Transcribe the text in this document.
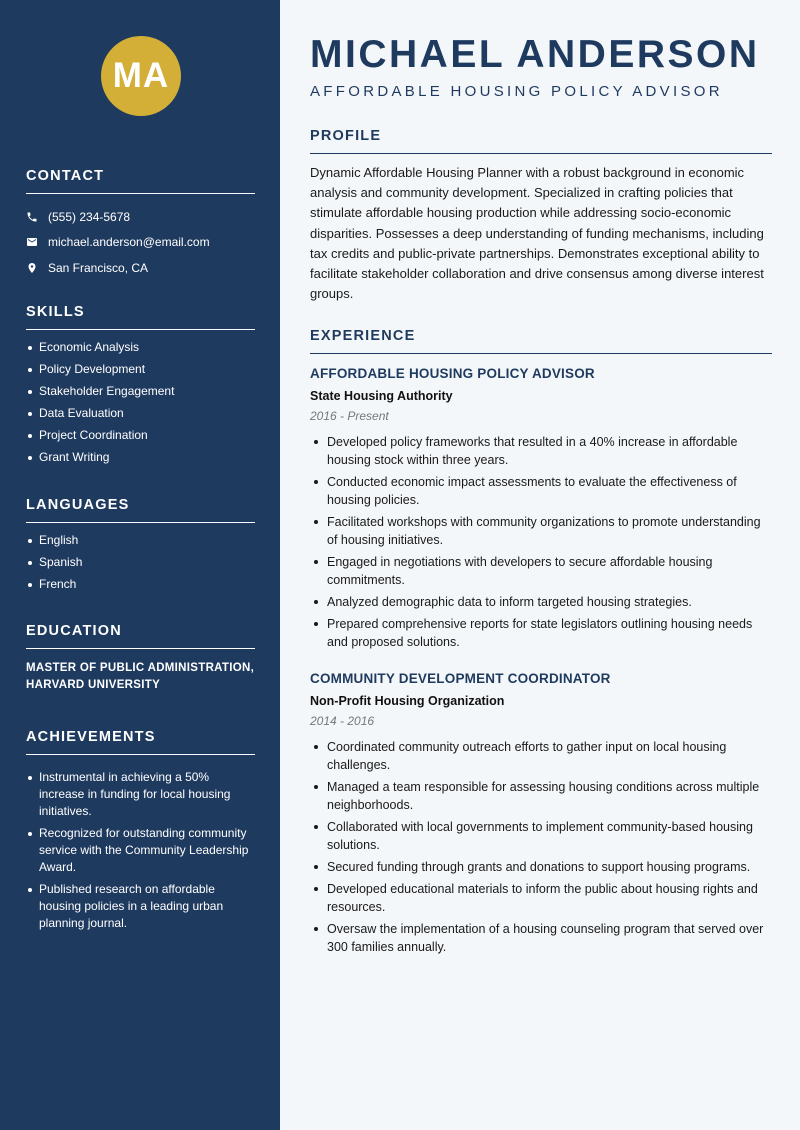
MA
CONTACT
(555) 234-5678
michael.anderson@email.com
San Francisco, CA
SKILLS
Economic Analysis
Policy Development
Stakeholder Engagement
Data Evaluation
Project Coordination
Grant Writing
LANGUAGES
English
Spanish
French
EDUCATION
MASTER OF PUBLIC ADMINISTRATION,
HARVARD UNIVERSITY
ACHIEVEMENTS
Instrumental in achieving a 50% increase in funding for local housing initiatives.
Recognized for outstanding community service with the Community Leadership Award.
Published research on affordable housing policies in a leading urban planning journal.
MICHAEL ANDERSON
AFFORDABLE HOUSING POLICY ADVISOR
PROFILE
Dynamic Affordable Housing Planner with a robust background in economic analysis and community development. Specialized in crafting policies that stimulate affordable housing production while addressing socio-economic disparities. Possesses a deep understanding of funding mechanisms, including tax credits and public-private partnerships. Demonstrates exceptional ability to facilitate stakeholder collaboration and drive consensus among diverse interest groups.
EXPERIENCE
AFFORDABLE HOUSING POLICY ADVISOR
State Housing Authority
2016 - Present
Developed policy frameworks that resulted in a 40% increase in affordable housing stock within three years.
Conducted economic impact assessments to evaluate the effectiveness of housing policies.
Facilitated workshops with community organizations to promote understanding of housing initiatives.
Engaged in negotiations with developers to secure affordable housing commitments.
Analyzed demographic data to inform targeted housing strategies.
Prepared comprehensive reports for state legislators outlining housing needs and proposed solutions.
COMMUNITY DEVELOPMENT COORDINATOR
Non-Profit Housing Organization
2014 - 2016
Coordinated community outreach efforts to gather input on local housing challenges.
Managed a team responsible for assessing housing conditions across multiple neighborhoods.
Collaborated with local governments to implement community-based housing solutions.
Secured funding through grants and donations to support housing programs.
Developed educational materials to inform the public about housing rights and resources.
Oversaw the implementation of a housing counseling program that served over 300 families annually.
